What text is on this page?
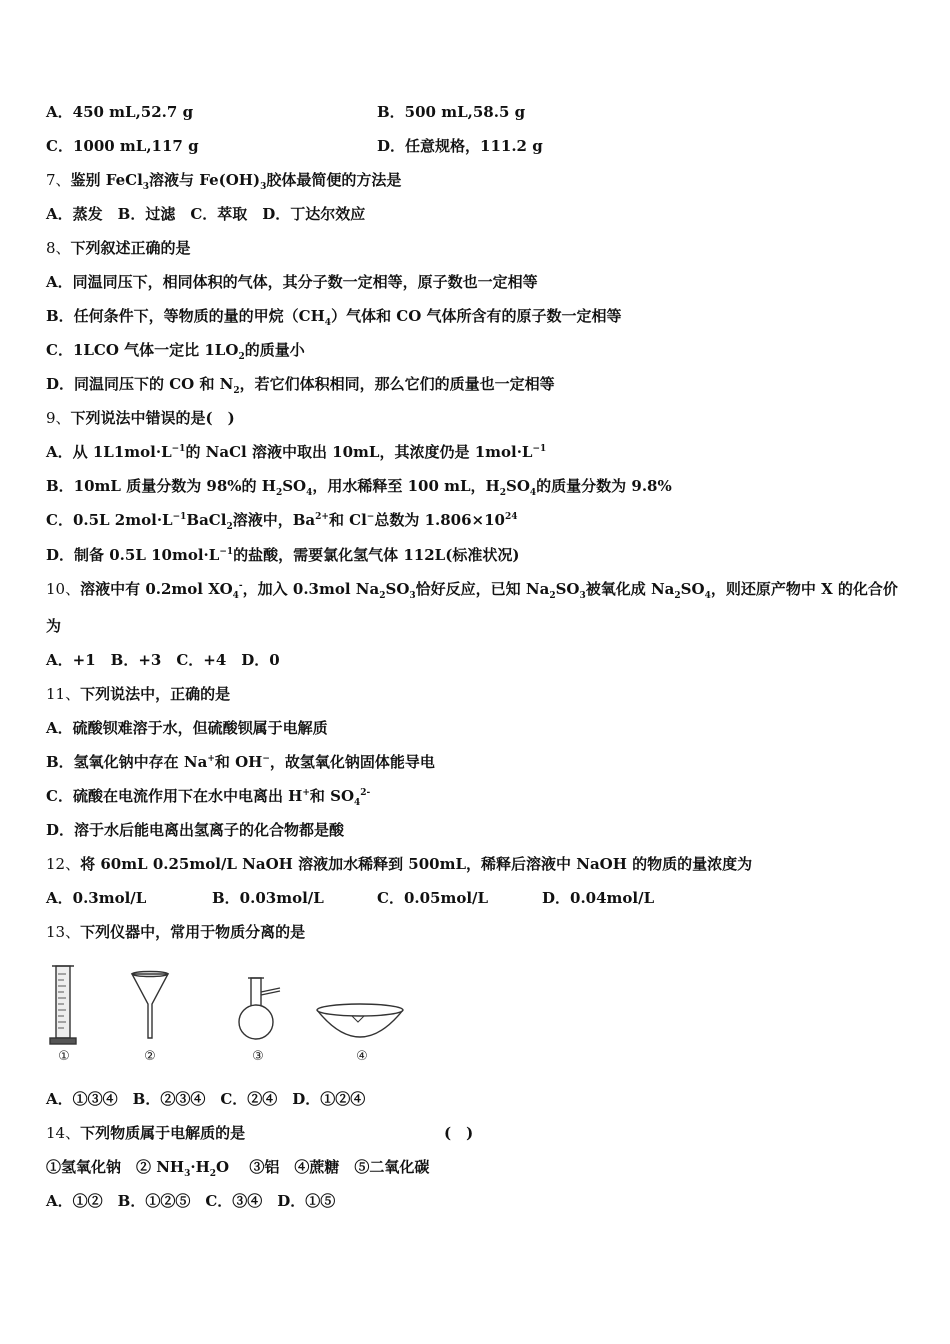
A．450 mL,52.7 g	B．500 mL,58.5 g
C．1000 mL,117 g	D．任意规格，111.2 g
7、鉴别 FeCl$_3$溶液与 $Fe(OH)_3$胶体最简便的方法是
A．蒸发　B．过滤　C．萃取　D．丁达尔效应
8、下列叙述正确的是
A．同温同压下，相同体积的气体，其分子数一定相等，原子数也一定相等
B．任何条件下，等物质的量的甲烷$(CH_4)$气体和 CO 气体所含有的原子数一定相等
C．1LCO 气体一定比 $1LO_2$的质量小
D．同温同压下的 CO 和 $N_2$，若它们体积相同，那么它们的质量也一定相等
9、下列说法中错误的是(　)
A．从 $1L1mol\cdot L^{-1}$的 NaCl 溶液中取出 10mL，其浓度仍是 $1mol\cdot L^{-1}$
B．10mL 质量分数为 98%的 $H_2SO_4$，用水稀释至 100 mL，$H_2SO_4$的质量分数为 9.8%
C．0.5L $2mol\cdot L^{-1}BaCl_2$溶液中，$Ba^{2+}$和 Cl−总数为 $1.806\times 10^{24}$
D．制备 0.5L $10mol\cdot L^{-1}$的盐酸，需要氯化氢气体 112L(标准状况)
10、溶液中有 0.2mol $XO_4^-$，加入 0.3mol $Na_2SO_3$恰好反应，已知 $Na_2SO_3$被氧化成 $Na_2SO_4$，则还原产物中 X 的化合价
为
A．+1　B．+3　C．+4　D．0
11、下列说法中，正确的是
A．硫酸钡难溶于水，但硫酸钡属于电解质
B．氢氧化钠中存在 Na+和 OH−，故氢氧化钠固体能导电
C．硫酸在电流作用下在水中电离出 H+和 $SO_4^{2-}$
D．溶于水后能电离出氢离子的化合物都是酸
12、将 60mL 0.25mol/L NaOH 溶液加水稀释到 500mL，稀释后溶液中 NaOH 的物质的量浓度为
A．0.3mol/L	B．0.03mol/L	C．0.05mol/L	D．0.04mol/L
13、下列仪器中，常用于物质分离的是
①	②	③	④
A．①③④　B．②③④　C．②④　D．①②④
14、下列物质属于电解质的是	(　)
①氢氧化钠　② $NH_3\cdot H_2O$　 ③铝　④蔗糖　⑤二氧化碳
A．①②　B．①②⑤　C．③④　D．①⑤
